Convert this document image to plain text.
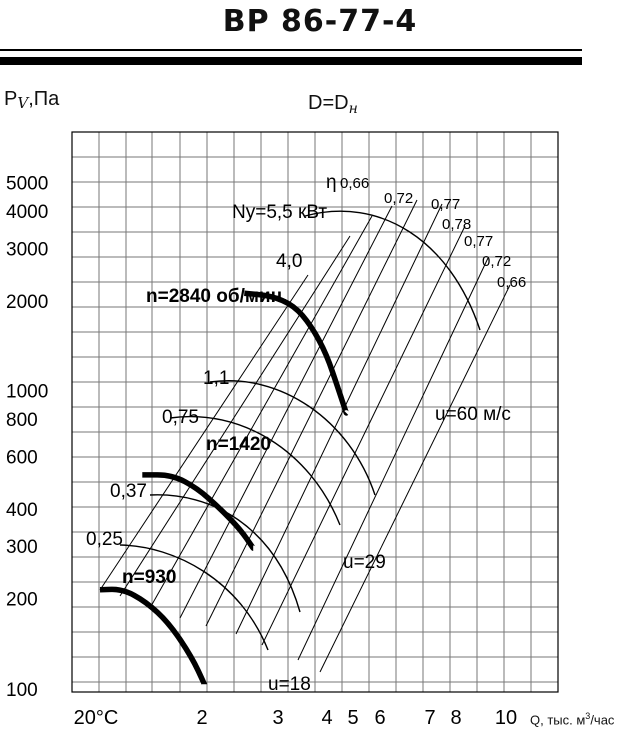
ВР 86-77-4
$P_V,Па$	$D=D_н$
Q, тыс. $м^3$/час
100
200
300
400
600
800
1000
2000
3000
4000
5000
20°C	2	3 4 5 6 7 8 10
n=2840 об/мин.
n=1420
n=930
Nу=5,5 кВт
4,0
1,1
0,75
0,37
0,25
η 0,66
0,72 0,77
0,78
0,77
0,72
0,66
u=60 м/с
u=29
u=18
